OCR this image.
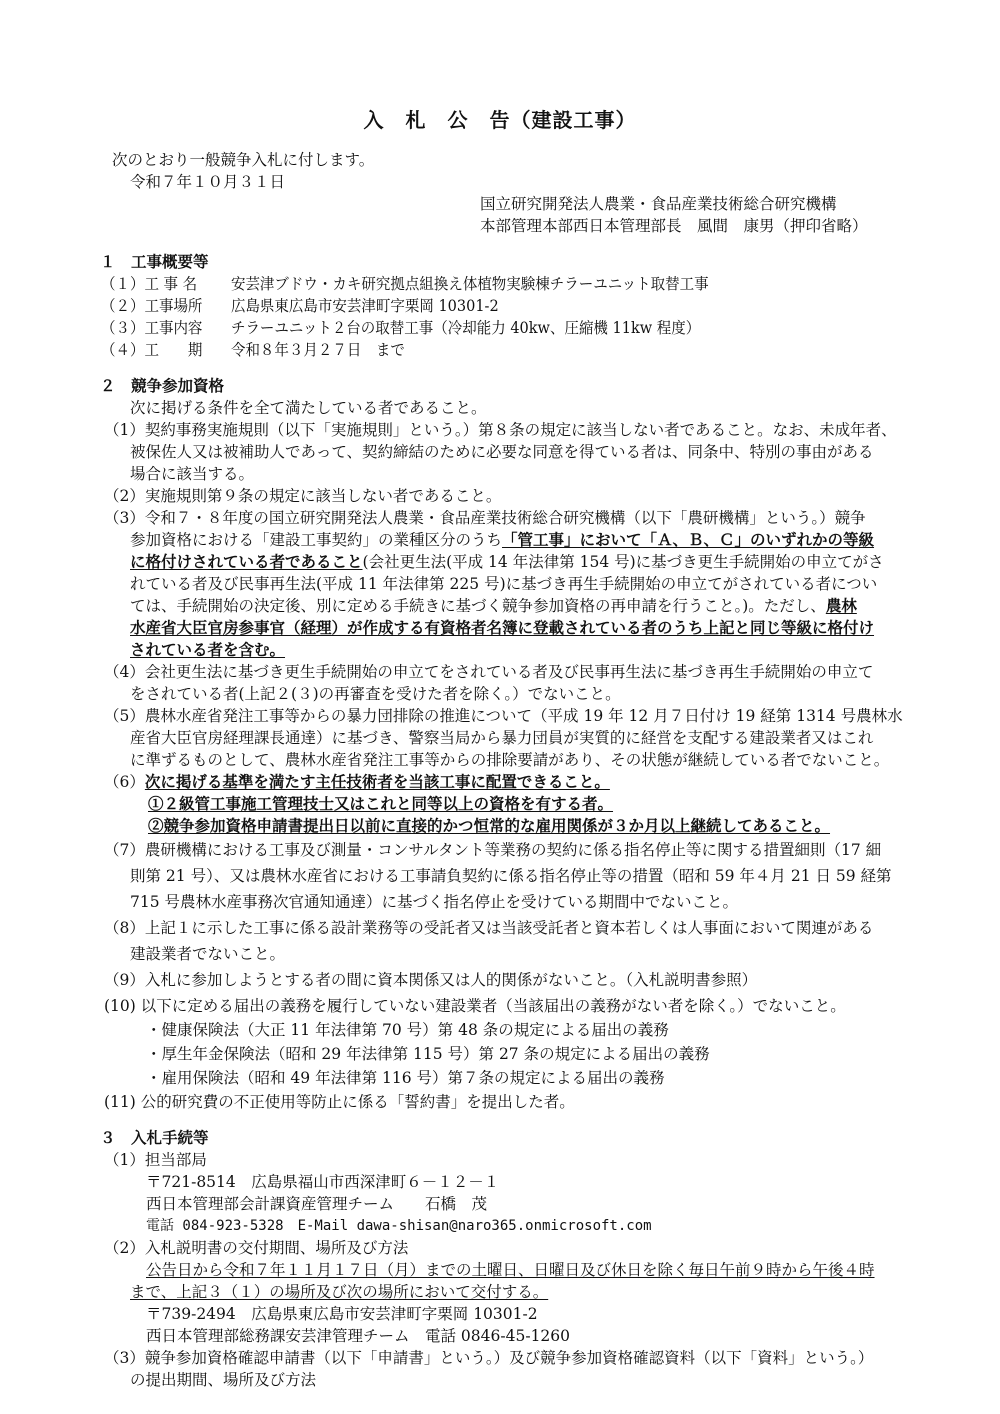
入　札　公　告（建設工事）
次のとおり一般競争入札に付します。
令和７年１０月３１日
国立研究開発法人農業・食品産業技術総合研究機構
本部管理本部西日本管理部長　風間　康男（押印省略）
１　工事概要等
（１）工 事 名 安芸津ブドウ・カキ研究拠点組換え体植物実験棟チラーユニット取替工事
（２）工事場所 広島県東広島市安芸津町字栗岡 10301-2
（３）工事内容 チラーユニット２台の取替工事（冷却能力 40kw、圧縮機 11kw 程度）
（４）工　　期 令和８年３月２７日　まで
２　競争参加資格
次に掲げる条件を全て満たしている者であること。
（1）契約事務実施規則（以下「実施規則」という。）第８条の規定に該当しない者であること。なお、未成年者、
被保佐人又は被補助人であって、契約締結のために必要な同意を得ている者は、同条中、特別の事由がある
場合に該当する。
（2）実施規則第９条の規定に該当しない者であること。
（3）令和７・８年度の国立研究開発法人農業・食品産業技術総合研究機構（以下「農研機構」という。）競争
参加資格における「建設工事契約」の業種区分のうち「管工事」において「Ａ、Ｂ、Ｃ」のいずれかの等級
に格付けされている者であること(会社更生法(平成 14 年法律第 154 号)に基づき更生手続開始の申立てがさ
れている者及び民事再生法(平成 11 年法律第 225 号)に基づき再生手続開始の申立てがされている者につい
ては、手続開始の決定後、別に定める手続きに基づく競争参加資格の再申請を行うこと。)。ただし、農林
水産省大臣官房参事官（経理）が作成する有資格者名簿に登載されている者のうち上記と同じ等級に格付け
されている者を含む。
（4）会社更生法に基づき更生手続開始の申立てをされている者及び民事再生法に基づき再生手続開始の申立て
をされている者(上記２(３)の再審査を受けた者を除く。）でないこと。
（5）農林水産省発注工事等からの暴力団排除の推進について（平成 19 年 12 月７日付け 19 経第 1314 号農林水
産省大臣官房経理課長通達）に基づき、警察当局から暴力団員が実質的に経営を支配する建設業者又はこれ
に準ずるものとして、農林水産省発注工事等からの排除要請があり、その状態が継続している者でないこと。
（6）次に掲げる基準を満たす主任技術者を当該工事に配置できること。
①２級管工事施工管理技士又はこれと同等以上の資格を有する者。
②競争参加資格申請書提出日以前に直接的かつ恒常的な雇用関係が３か月以上継続してあること。
（7）農研機構における工事及び測量・コンサルタント等業務の契約に係る指名停止等に関する措置細則（17 細
則第 21 号）、又は農林水産省における工事請負契約に係る指名停止等の措置（昭和 59 年４月 21 日 59 経第
715 号農林水産事務次官通知通達）に基づく指名停止を受けている期間中でないこと。
（8）上記１に示した工事に係る設計業務等の受託者又は当該受託者と資本若しくは人事面において関連がある
建設業者でないこと。
（9）入札に参加しようとする者の間に資本関係又は人的関係がないこと。（入札説明書参照）
(10) 以下に定める届出の義務を履行していない建設業者（当該届出の義務がない者を除く。）でないこと。
・健康保険法（大正 11 年法律第 70 号）第 48 条の規定による届出の義務
・厚生年金保険法（昭和 29 年法律第 115 号）第 27 条の規定による届出の義務
・雇用保険法（昭和 49 年法律第 116 号）第７条の規定による届出の義務
(11) 公的研究費の不正使用等防止に係る「誓約書」を提出した者。
３　入札手続等
（1）担当部局
〒721-8514　広島県福山市西深津町６－１２－１
西日本管理部会計課資産管理チーム　　石橋　茂
電話 084-923-5328　E-Mail dawa-shisan@naro365.onmicrosoft.com
（2）入札説明書の交付期間、場所及び方法
公告日から令和７年１１月１７日（月）までの土曜日、日曜日及び休日を除く毎日午前９時から午後４時
まで、上記３（１）の場所及び次の場所において交付する。
〒739-2494　広島県東広島市安芸津町字栗岡 10301-2
西日本管理部総務課安芸津管理チーム　電話 0846-45-1260
（3）競争参加資格確認申請書（以下「申請書」という。）及び競争参加資格確認資料（以下「資料」という。）
の提出期間、場所及び方法
